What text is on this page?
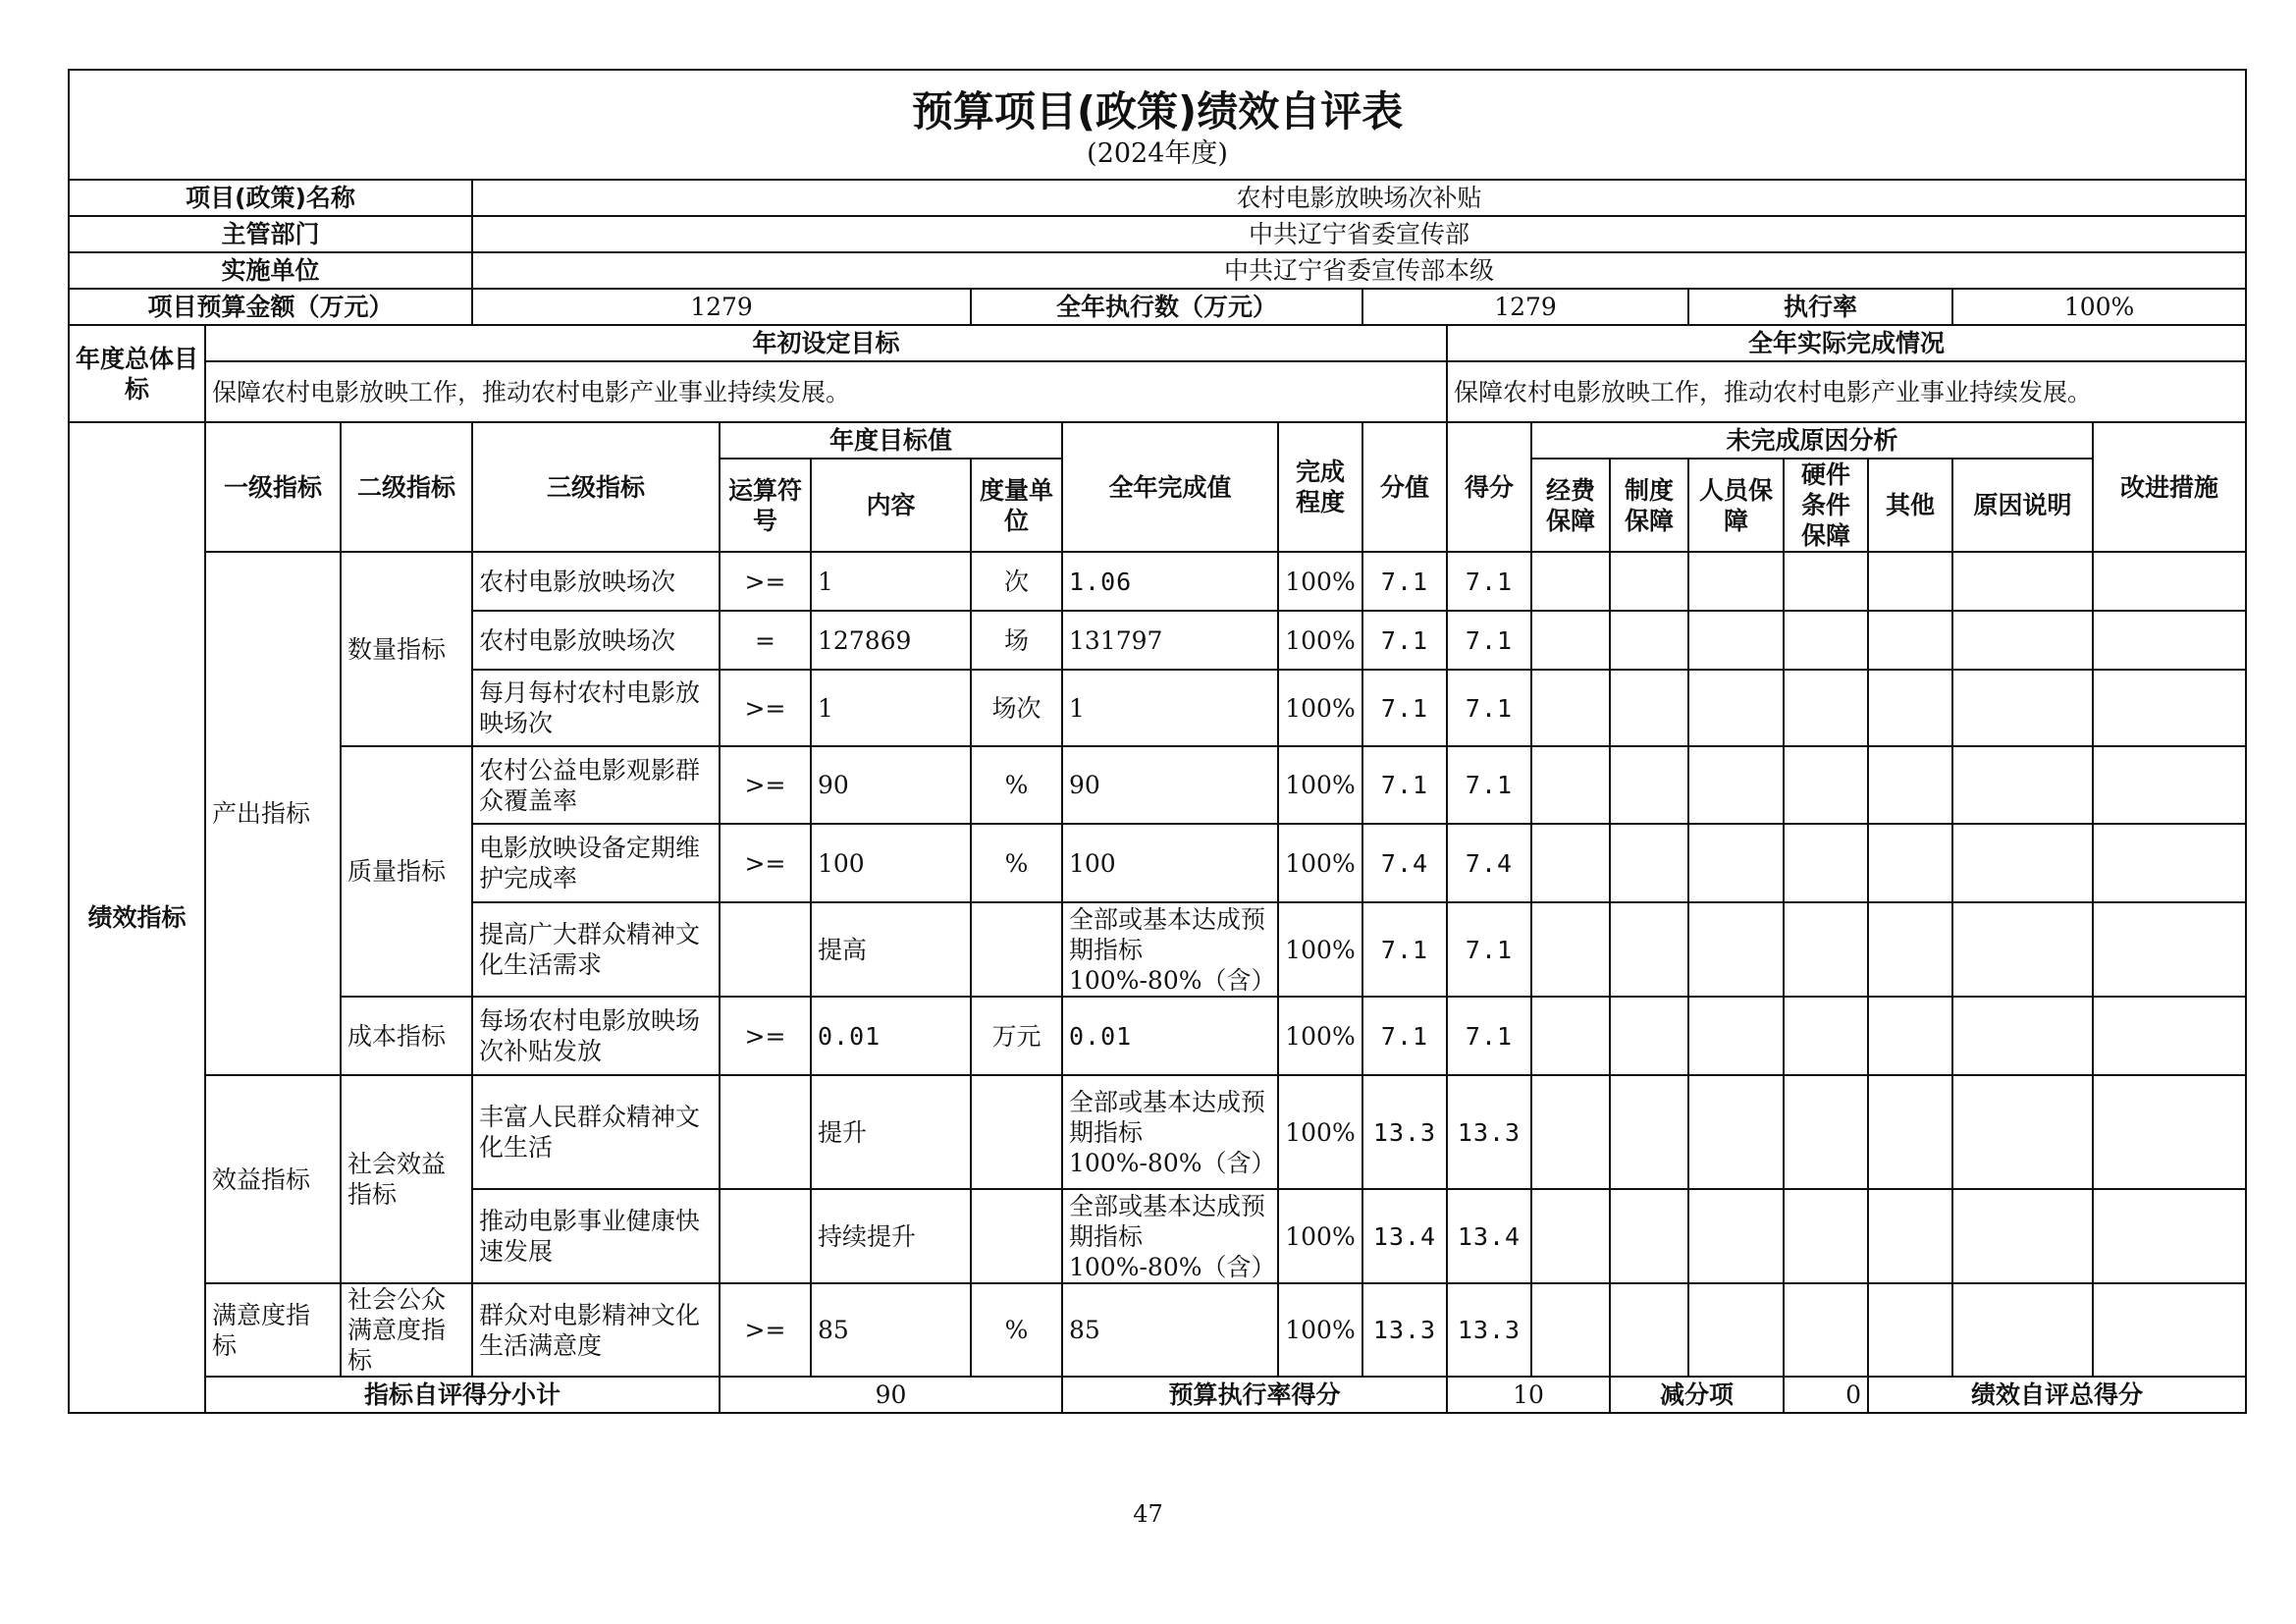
预算项目(政策)绩效自评表
(2024年度)																		

项目(政策)名称			农村电影放映场次补贴															
主管部门			中共辽宁省委宣传部															
实施单位			中共辽宁省委宣传部本级															
项目预算金额（万元）			1279			全年执行数（万元）			1279				执行率			100%		
年度总体目标	年初设定目标									全年实际完成情况								
	保障农村电影放映工作，推动农村电影产业事业持续发展。									保障农村电影放映工作，推动农村电影产业事业持续发展。								
绩效指标	一级指标	二级指标	三级指标	年度目标值			全年完成值	完成程度	分值	得分	未完成原因分析						改进措施	
				运算符号	内容	度量单位					经费保障	制度保障	人员保障	硬件条件保障	其他	原因说明		
	产出指标	数量指标	农村电影放映场次	>=	1	次	1.06	100%	7.1	7.1								
			农村电影放映场次	=	127869	场	131797	100%	7.1	7.1								
			每月每村农村电影放映场次	>=	1	场次	1	100%	7.1	7.1								
		质量指标	农村公益电影观影群众覆盖率	>=	90	%	90	100%	7.1	7.1								
			电影放映设备定期维护完成率	>=	100	%	100	100%	7.4	7.4								
			提高广大群众精神文化生活需求		提高		全部或基本达成预期指标100%-80%（含）	100%	7.1	7.1								
		成本指标	每场农村电影放映场次补贴发放	>=	0.01	万元	0.01	100%	7.1	7.1								
	效益指标	社会效益指标	丰富人民群众精神文化生活		提升		全部或基本达成预期指标100%-80%（含）	100%	13.3	13.3								
			推动电影事业健康快速发展		持续提升		全部或基本达成预期指标100%-80%（含）	100%	13.4	13.4								
	满意度指标	社会公众满意度指标	群众对电影精神文化生活满意度	>=	85	%	85	100%	13.3	13.3								
	指标自评得分小计			90			预算执行率得分			10		减分项		0	绩效自评总得分	
47
